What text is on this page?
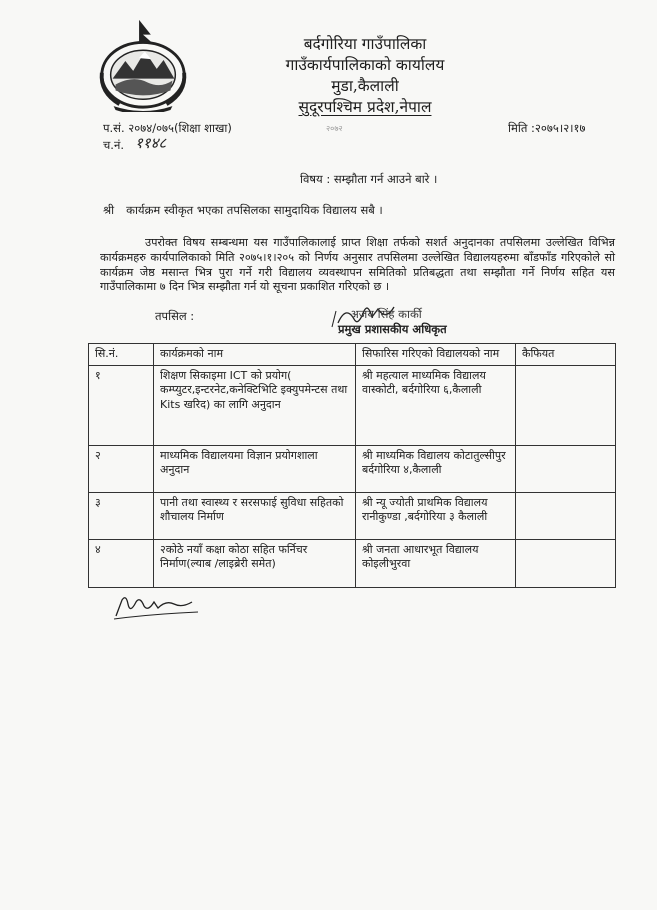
बर्दगोरिया गाउँपालिका
गाउँकार्यपालिकाको कार्यालय
मुडा,कैलाली
सुदूरपश्चिम प्रदेश,नेपाल
प.सं. २०७४/०७५(शिक्षा शाखा)
च.नं. ११४८
२०७२	मिति :२०७५।२।१७
विषय : सम्झौता गर्न आउने बारे ।
श्री कार्यक्रम स्वीकृत भएका तपसिलका सामुदायिक विद्यालय सबै ।
उपरोक्त विषय सम्बन्धमा यस गाउँपालिकालाई प्राप्त शिक्षा तर्फको सशर्त अनुदानका तपसिलमा उल्लेखित विभिन्न कार्यक्रमहरु कार्यपालिकाको मिति २०७५।१।२०५ को निर्णय अनुसार तपसिलमा उल्लेखित विद्यालयहरुमा बाँडफाँड गरिएकोले सो कार्यक्रम जेष्ठ मसान्त भित्र पुरा गर्ने गरी विद्यालय व्यवस्थापन समितिको प्रतिबद्धता तथा सम्झौता गर्ने निर्णय सहित यस गाउँपालिकामा ७ दिन भित्र सम्झौता गर्न यो सूचना प्रकाशित गरिएको छ ।
तपसिल :	अजय सिंह कार्की
प्रमुख प्रशासकीय अधिकृत
सि.नं.	कार्यक्रमको नाम	सिफारिस गरिएको विद्यालयको नाम	कैफियत
१	शिक्षण सिकाइमा ICT को प्रयोग( कम्प्युटर,इन्टरनेट,कनेक्टिभिटि इक्युपमेन्टस तथा Kits खरिद) का लागि अनुदान	श्री महत्याल माध्यमिक विद्यालय वास्कोटी, बर्दगोरिया ६,कैलाली	
२	माध्यमिक विद्यालयमा विज्ञान प्रयोगशाला अनुदान	श्री माध्यमिक विद्यालय कोटातुल्सीपुर बर्दगोरिया ४,कैलाली	
३	पानी तथा स्वास्थ्य र सरसफाई सुविधा सहितको शौचालय निर्माण	श्री न्यू ज्योती प्राथमिक विद्यालय रानीकुण्डा ,बर्दगोरिया ३ कैलाली	
४	२कोठे नयाँ कक्षा कोठा सहित फर्निचर निर्माण(ल्याब /लाइब्रेरी समेत)	श्री जनता आधारभूत विद्यालय कोइलीभुरवा	
